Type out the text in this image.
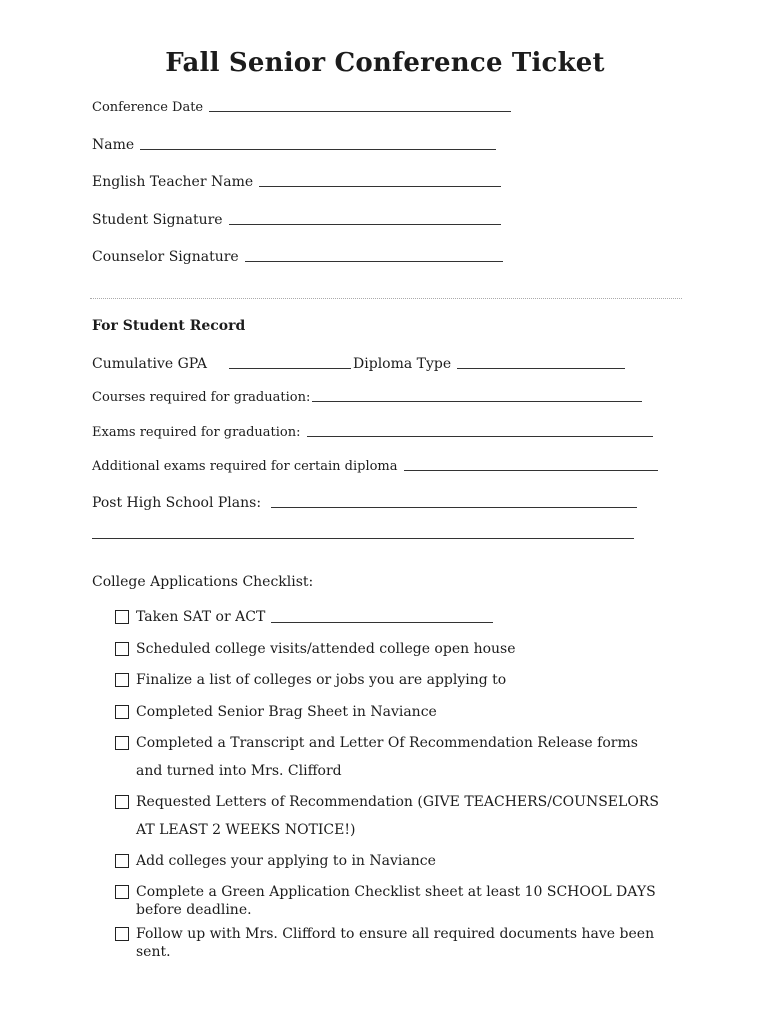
Fall Senior Conference Ticket
Conference Date
Name
English Teacher Name
Student Signature
Counselor Signature
For Student Record
Cumulative GPA	Diploma Type
Courses required for graduation:
Exams required for graduation:
Additional exams required for certain diploma
Post High School Plans:
College Applications Checklist:
Taken SAT or ACT
Scheduled college visits/attended college open house
Finalize a list of colleges or jobs you are applying to
Completed Senior Brag Sheet in Naviance
Completed a Transcript and Letter Of Recommendation Release forms and turned into Mrs. Clifford
Requested Letters of Recommendation (GIVE TEACHERS/COUNSELORS AT LEAST 2 WEEKS NOTICE!)
Add colleges your applying to in Naviance
Complete a Green Application Checklist sheet at least 10 SCHOOL DAYS before deadline.
Follow up with Mrs. Clifford to ensure all required documents have been sent.
